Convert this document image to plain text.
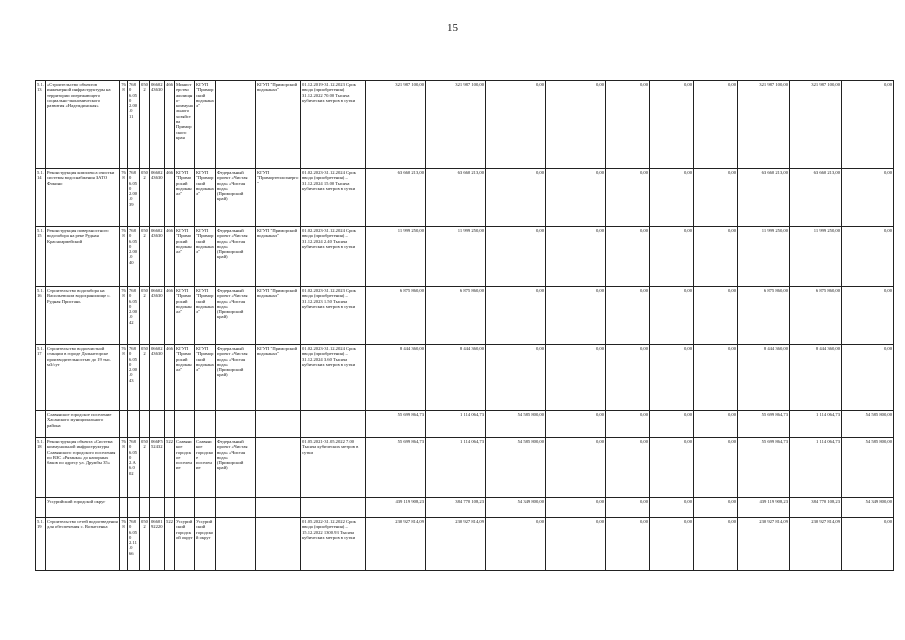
15
5.1.13	«Строительство объектов инженерной инфраструктуры на территории опережающего социально-экономического развития «Надеждинская»	768	768 0 6.050 2.00.0 11	0502	06602 43630	466	Министерство жилищно-коммунального хозяйства Приморского края	КГУП "Приморский водоканал"		КГУП "Приморский водоканал"	01.12.2019-31.12.2023 Срок ввода (приобретения) 31.12.2022 70.00 Тысяча кубических метров в сутки	321 987 100,00	321 987 100,00	0,00	0,00	0,00	0,00	0,00	321 987 100,00	321 987 100,00	0,00
5.1.14	Реконструкция комплекса очистки системы водоснабжения ЗАТО Фокино	768	768 0 6.050 2.00.0 39	0502	06602 43630	466	КГУП "Приморский водоканал"	КГУП "Приморский водоканал"	Федеральный проект «Чистая вода» «Чистая вода» (Приморский край)	КГУП "Примортеплоэнерго"	01.02.2023-31.12.2024 Срок ввода (приобретения) – 31.12.2024 15.00 Тысяча кубических метров в сутки	63 660 213,00	63 660 213,00	0,00	0,00	0,00	0,00	0,00	63 660 213,00	63 660 213,00	0,00
5.1.15	Реконструкция поверхностного водозабора на реке Рудная Красноармейский	768	768 0 6.050 2.00.0 40	0502	06602 43630	466	КГУП "Приморский водоканал"	КГУП "Приморский водоканал"	Федеральный проект «Чистая вода» «Чистая вода» (Приморский край)	КГУП "Приморский водоканал"	01.02.2023-31.12.2024 Срок ввода (приобретения) – 31.12.2024 2.40 Тысяча кубических метров в сутки	11 999 250,00	11 999 250,00	0,00	0,00	0,00	0,00	0,00	11 999 250,00	11 999 250,00	0,00
5.1.16	Строительство водозабора на Васильевском водохранилище с. Рудная Пристань	768	768 0 6.050 2.00.0 42	0502	06602 43630	466	КГУП "Приморский водоканал"	КГУП "Приморский водоканал"	Федеральный проект «Чистая вода» «Чистая вода» (Приморский край)	КГУП "Приморский водоканал"	01.02.2023-31.12.2023 Срок ввода (приобретения) – 31.12.2023 1.50 Тысяча кубических метров в сутки	6 875 860,00	6 875 860,00	0,00	0,00	0,00	0,00	0,00	6 875 860,00	6 875 860,00	0,00
5.1.17	Строительство водоочистной станции в городе Дальнегорске производительностью до 19 тыс. м3/сут	768	768 0 6.050 2.00.0 43	0502	06602 43630	466	КГУП "Приморский водоканал"	КГУП "Приморский водоканал"	Федеральный проект «Чистая вода» «Чистая вода» (Приморский край)	КГУП "Приморский водоканал"	01.02.2023-31.12.2024 Срок ввода (приобретения) – 31.12.2024 3.60 Тысяча кубических метров в сутки	8 444 360,00	8 444 360,00	0,00	0,00	0,00	0,00	0,00	8 444 360,00	8 444 360,00	0,00
	Славянское городское поселение Хасанского муниципального района											55 699 864,73	1 114 064,73	54 585 800,00	0,00	0,00	0,00	0,00	55 699 864,73	1 114 064,73	54 585 800,00
5.1.18	Реконструкция объекта «Система коммунальной инфраструктуры Славянского городского поселения по ВЗС «Рязанка» до напорных баков по адресу ул. Дружбы 35»	768	768 0 6.050 2.А6.0 02	0502	066F5 52432	522	Славянское городское поселение	Славянское городское поселение	Федеральный проект «Чистая вода» «Чистая вода» (Приморский край)		01.05.2021-31.05.2022 7.00 Тысяча кубических метров в сутки	55 699 864,73	1 114 064,73	54 585 800,00	0,00	0,00	0,00	0,00	55 699 864,73	1 114 064,73	54 585 800,00
	Уссурийский городской округ											439 119 908,23	384 770 108,23	54 349 800,00	0,00	0,00	0,00	0,00	439 119 908,23	384 770 108,23	54 349 800,00
5.1.19	Строительство сетей водоотведения для обеспечения с. Вознесенка	768	768 0 6.050 2.11.0 66	0502	06601 92220	522	Уссурийский городской округ	Уссурийский городской округ			01.05.2022-31.12.2022 Срок ввода (приобретения) – 15.12.2022 1300.93 Тысяча кубических метров в сутки	230 927 814,09	230 927 814,09	0,00	0,00	0,00	0,00	0,00	230 927 814,09	230 927 814,09	0,00
